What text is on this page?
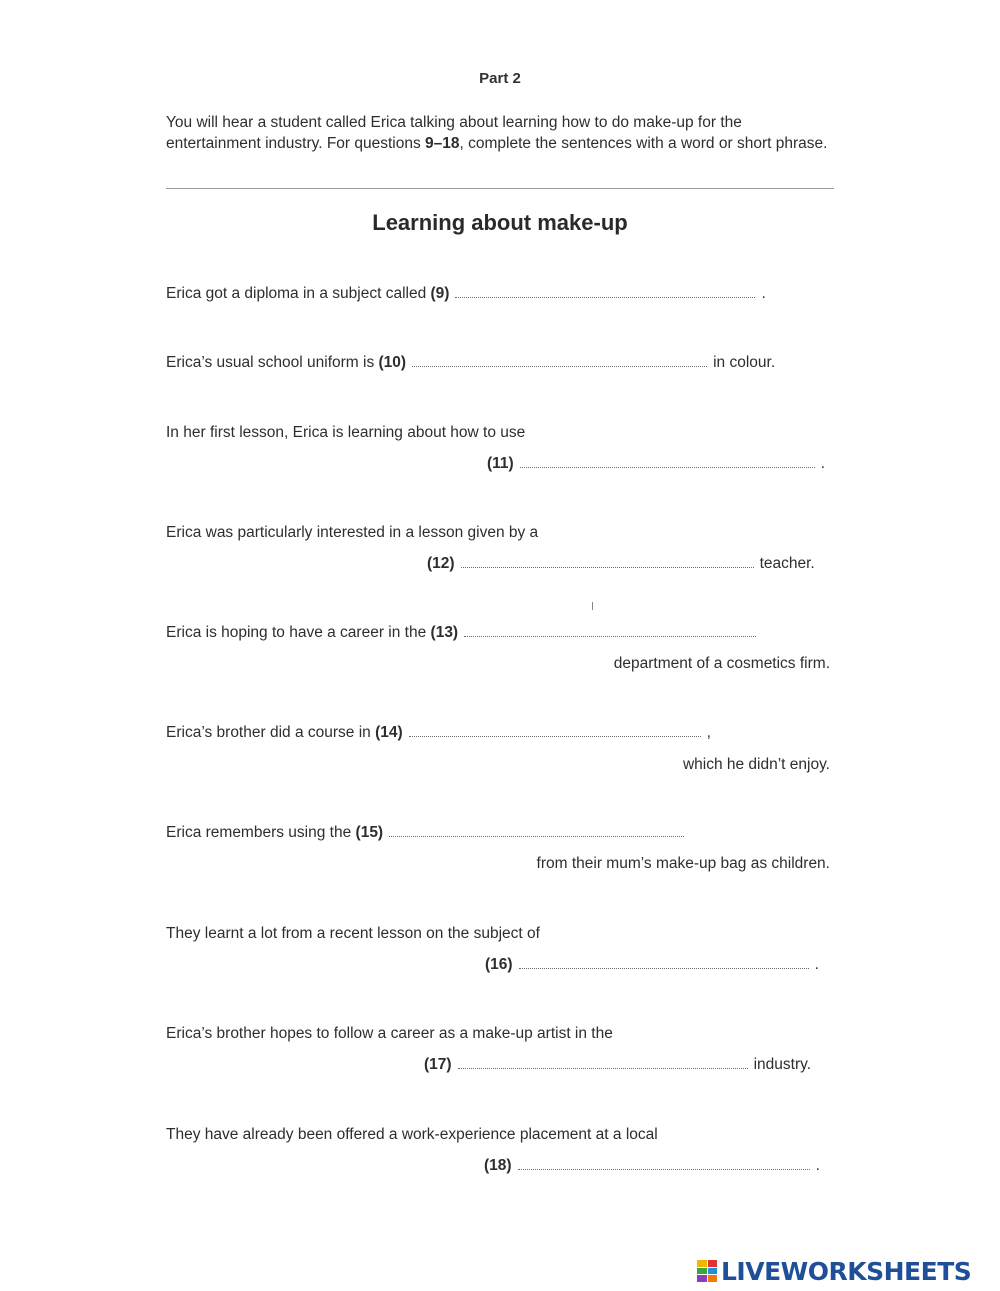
Part 2
You will hear a student called Erica talking about learning how to do make-up for the entertainment industry. For questions 9–18, complete the sentences with a word or short phrase.
Learning about make-up
Erica got a diploma in a subject called (9)	.
Erica’s usual school uniform is (10)	in colour.
In her first lesson, Erica is learning about how to use
(11)	.
Erica was particularly interested in a lesson given by a
(12)	teacher.
Erica is hoping to have a career in the (13)
department of a cosmetics firm.
Erica’s brother did a course in (14)	,
which he didn’t enjoy.
Erica remembers using the (15)
from their mum’s make-up bag as children.
They learnt a lot from a recent lesson on the subject of
(16)	.
Erica’s brother hopes to follow a career as a make-up artist in the
(17)	industry.
They have already been offered a work-experience placement at a local
(18)	.
LIVEWORKSHEETS
